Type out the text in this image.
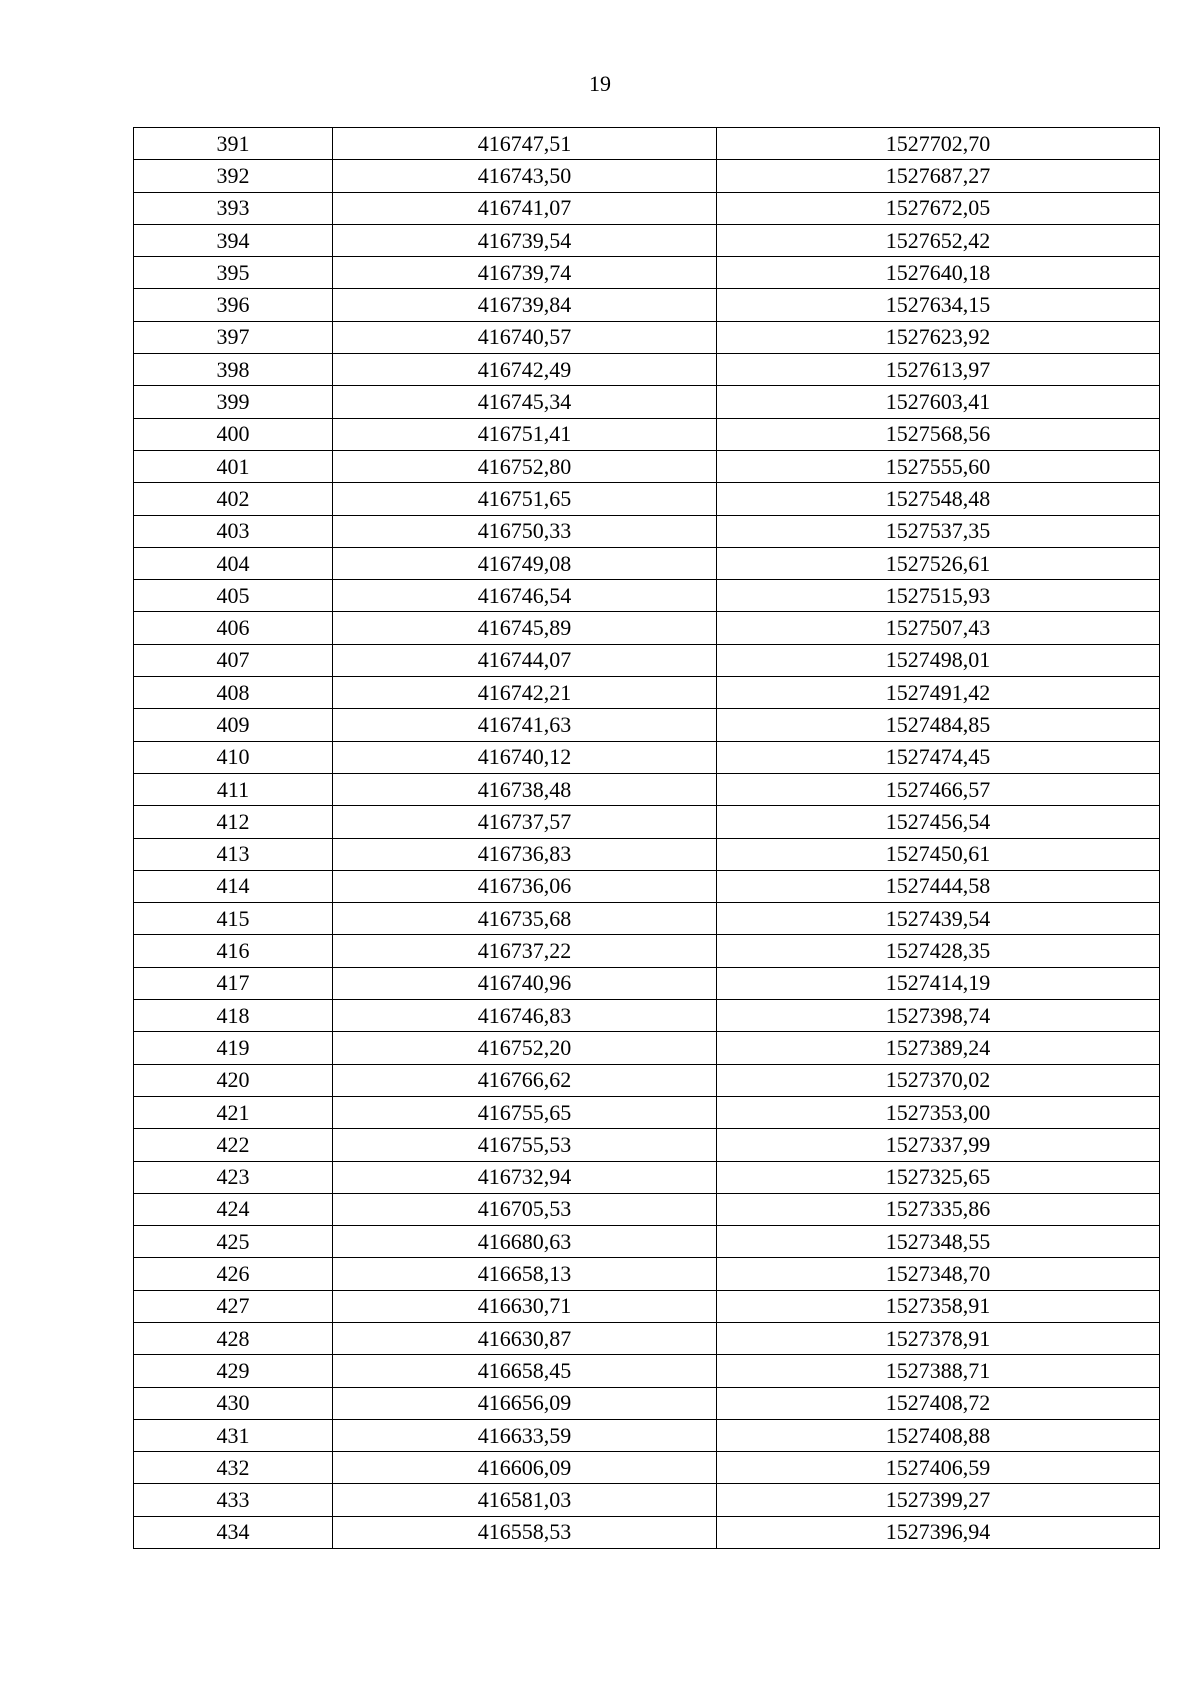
19
391	416747,51	1527702,70
392	416743,50	1527687,27
393	416741,07	1527672,05
394	416739,54	1527652,42
395	416739,74	1527640,18
396	416739,84	1527634,15
397	416740,57	1527623,92
398	416742,49	1527613,97
399	416745,34	1527603,41
400	416751,41	1527568,56
401	416752,80	1527555,60
402	416751,65	1527548,48
403	416750,33	1527537,35
404	416749,08	1527526,61
405	416746,54	1527515,93
406	416745,89	1527507,43
407	416744,07	1527498,01
408	416742,21	1527491,42
409	416741,63	1527484,85
410	416740,12	1527474,45
411	416738,48	1527466,57
412	416737,57	1527456,54
413	416736,83	1527450,61
414	416736,06	1527444,58
415	416735,68	1527439,54
416	416737,22	1527428,35
417	416740,96	1527414,19
418	416746,83	1527398,74
419	416752,20	1527389,24
420	416766,62	1527370,02
421	416755,65	1527353,00
422	416755,53	1527337,99
423	416732,94	1527325,65
424	416705,53	1527335,86
425	416680,63	1527348,55
426	416658,13	1527348,70
427	416630,71	1527358,91
428	416630,87	1527378,91
429	416658,45	1527388,71
430	416656,09	1527408,72
431	416633,59	1527408,88
432	416606,09	1527406,59
433	416581,03	1527399,27
434	416558,53	1527396,94
